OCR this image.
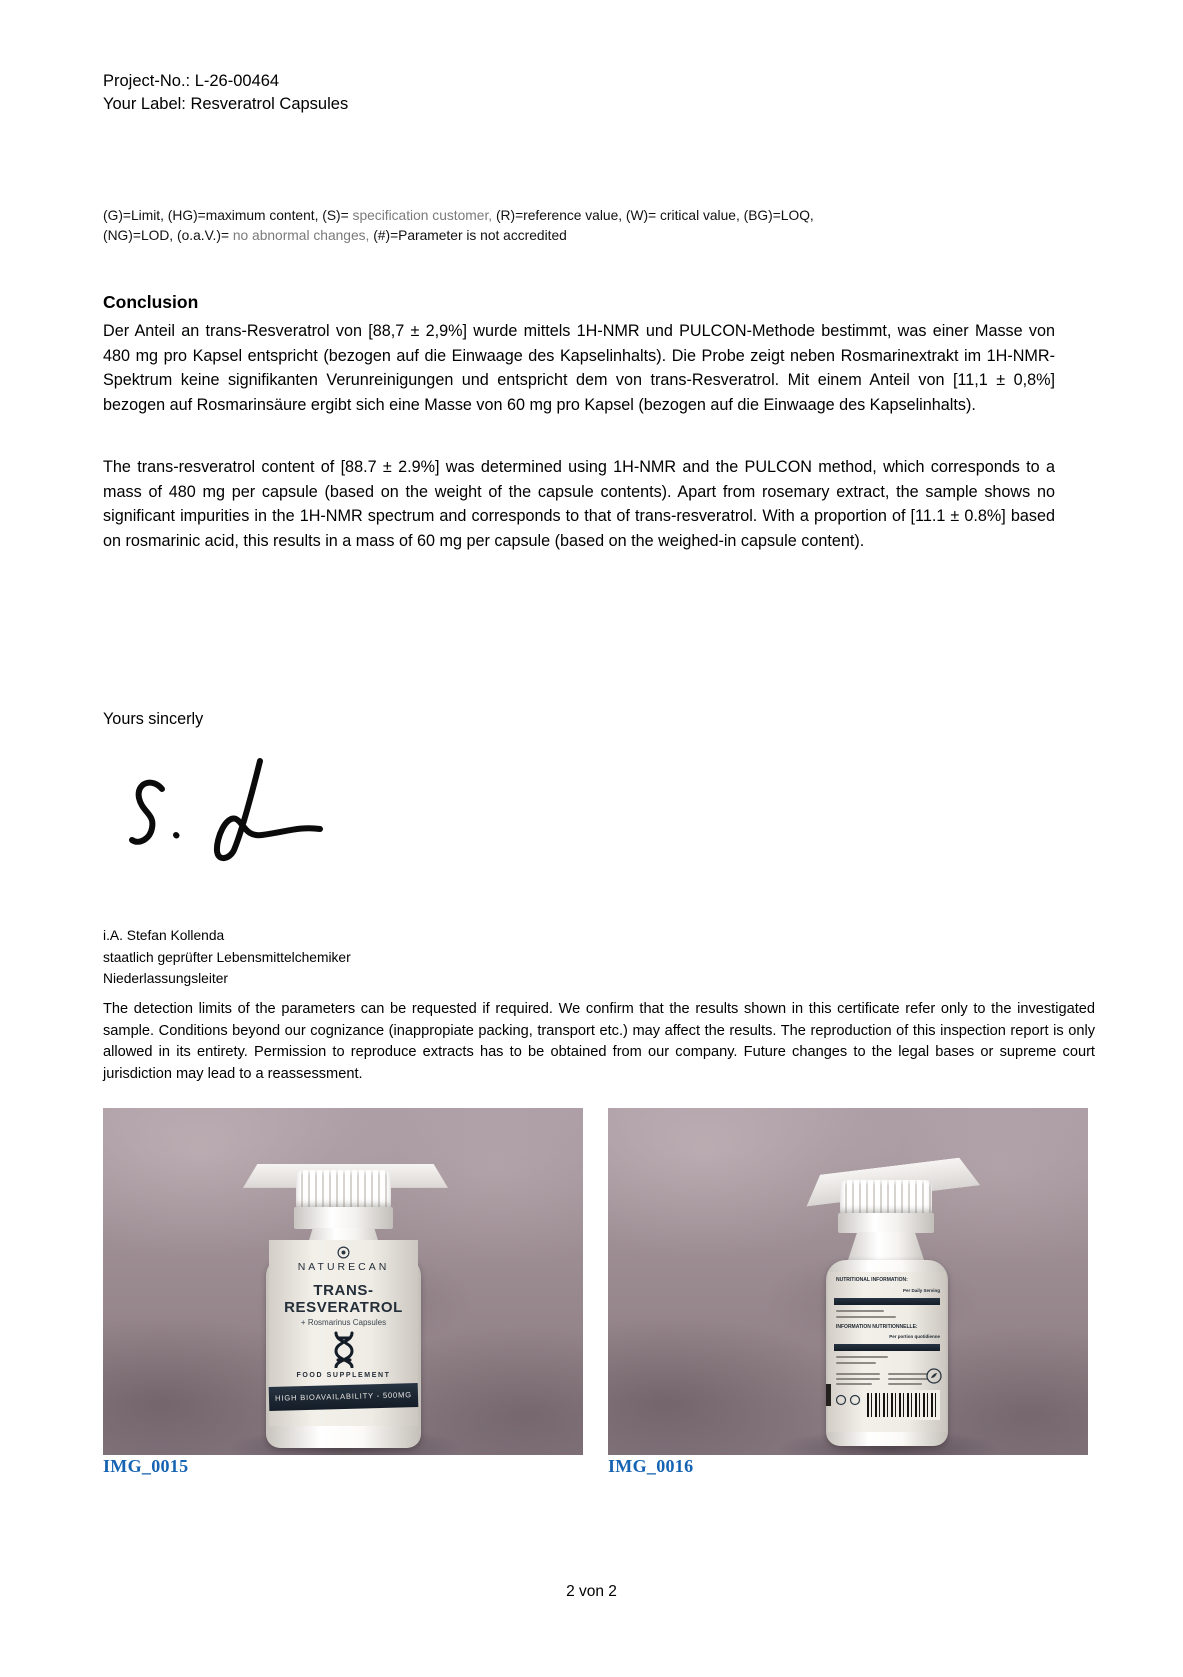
Project-No.: L-26-00464
Your Label: Resveratrol Capsules
(G)=Limit, (HG)=maximum content, (S)= specification customer, (R)=reference value, (W)= critical value, (BG)=LOQ,
(NG)=LOD, (o.a.V.)= no abnormal changes, (#)=Parameter is not accredited
Conclusion
Der Anteil an trans-Resveratrol von [88,7 ± 2,9%] wurde mittels 1H-NMR und PULCON-Methode bestimmt, was einer Masse von 480 mg pro Kapsel entspricht (bezogen auf die Einwaage des Kapselinhalts). Die Probe zeigt neben Rosmarinextrakt im 1H-NMR-Spektrum keine signifikanten Verunreinigungen und entspricht dem von trans-Resveratrol. Mit einem Anteil von [11,1 ± 0,8%] bezogen auf Rosmarinsäure ergibt sich eine Masse von 60 mg pro Kapsel (bezogen auf die Einwaage des Kapselinhalts).
The trans-resveratrol content of [88.7 ± 2.9%] was determined using 1H-NMR and the PULCON method, which corresponds to a mass of 480 mg per capsule (based on the weight of the capsule contents). Apart from rosemary extract, the sample shows no significant impurities in the 1H-NMR spectrum and corresponds to that of trans-resveratrol. With a proportion of [11.1 ± 0.8%] based on rosmarinic acid, this results in a mass of 60 mg per capsule (based on the weighed-in capsule content).
Yours sincerly
i.A. Stefan Kollenda
staatlich geprüfter Lebensmittelchemiker
Niederlassungsleiter
The detection limits of the parameters can be requested if required. We confirm that the results shown in this certificate refer only to the investigated sample. Conditions beyond our cognizance (inappropiate packing, transport etc.) may affect the results. The reproduction of this inspection report is only allowed in its entirety. Permission to reproduce extracts has to be obtained from our company. Future changes to the legal bases or supreme court jurisdiction may lead to a reassessment.
NATURECAN
TRANS-
RESVERATROL
+ Rosmarinus Capsules
FOOD SUPPLEMENT
HIGH BIOAVAILABILITY - 500MG
NUTRITIONAL INFORMATION:
Per Daily Serving
INFORMATION NUTRITIONNELLE:
Per portion quotidienne
IMG_0015	IMG_0016
2 von 2
